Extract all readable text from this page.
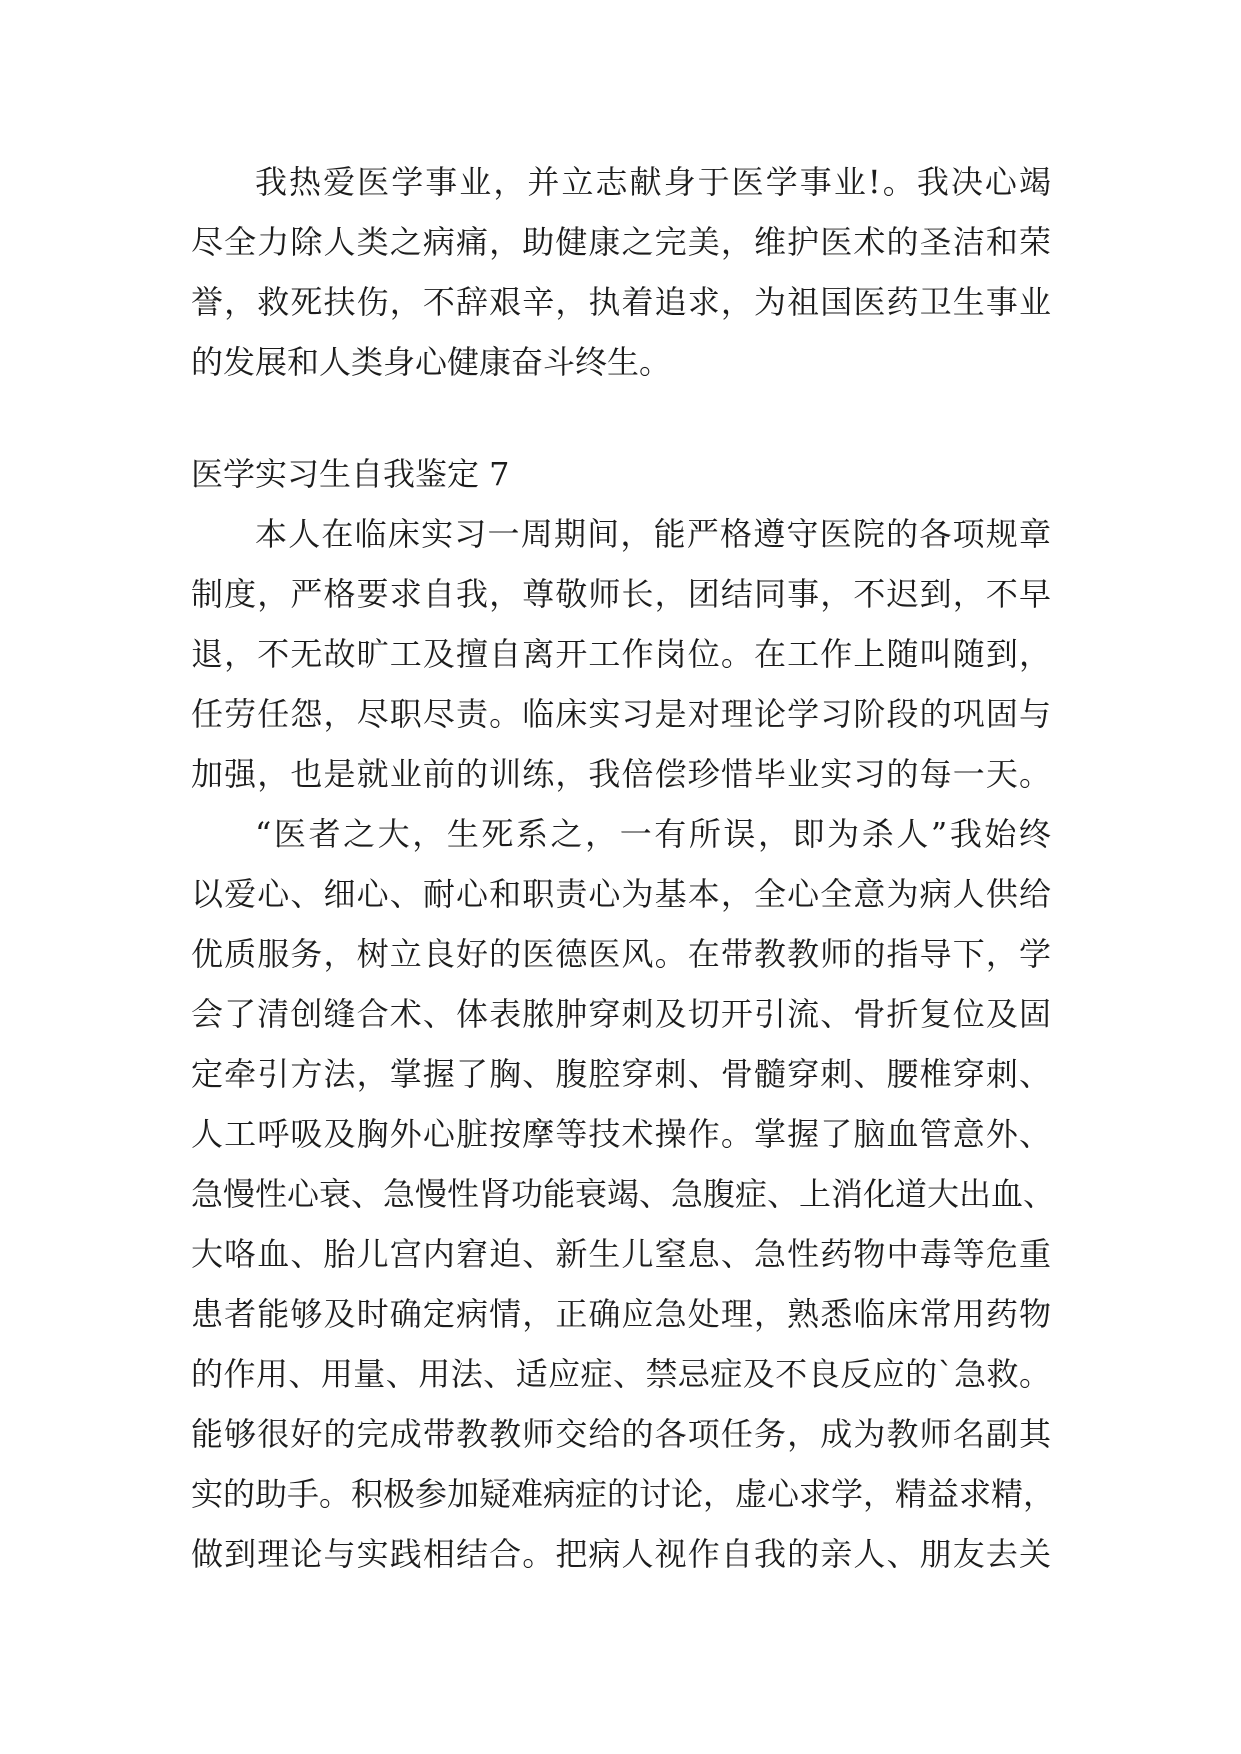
我热爱医学事业，并立志献身于医学事业!。我决心竭
尽全力除人类之病痛，助健康之完美，维护医术的圣洁和荣
誉，救死扶伤，不辞艰辛，执着追求，为祖国医药卫生事业
的发展和人类身心健康奋斗终生。
医学实习生自我鉴定 7
本人在临床实习一周期间，能严格遵守医院的各项规章
制度，严格要求自我，尊敬师长，团结同事，不迟到，不早
退，不无故旷工及擅自离开工作岗位。在工作上随叫随到，
任劳任怨，尽职尽责。临床实习是对理论学习阶段的巩固与
加强，也是就业前的训练，我倍偿珍惜毕业实习的每一天。
“医者之大，生死系之，一有所误，即为杀人”我始终
以爱心、细心、耐心和职责心为基本，全心全意为病人供给
优质服务，树立良好的医德医风。在带教教师的指导下，学
会了清创缝合术、体表脓肿穿刺及切开引流、骨折复位及固
定牵引方法，掌握了胸、腹腔穿刺、骨髓穿刺、腰椎穿刺、
人工呼吸及胸外心脏按摩等技术操作。掌握了脑血管意外、
急慢性心衰、急慢性肾功能衰竭、急腹症、上消化道大出血、
大咯血、胎儿宫内窘迫、新生儿窒息、急性药物中毒等危重
患者能够及时确定病情，正确应急处理，熟悉临床常用药物
的作用、用量、用法、适应症、禁忌症及不良反应的`急救。
能够很好的完成带教教师交给的各项任务，成为教师名副其
实的助手。积极参加疑难病症的讨论，虚心求学，精益求精，
做到理论与实践相结合。把病人视作自我的亲人、朋友去关
